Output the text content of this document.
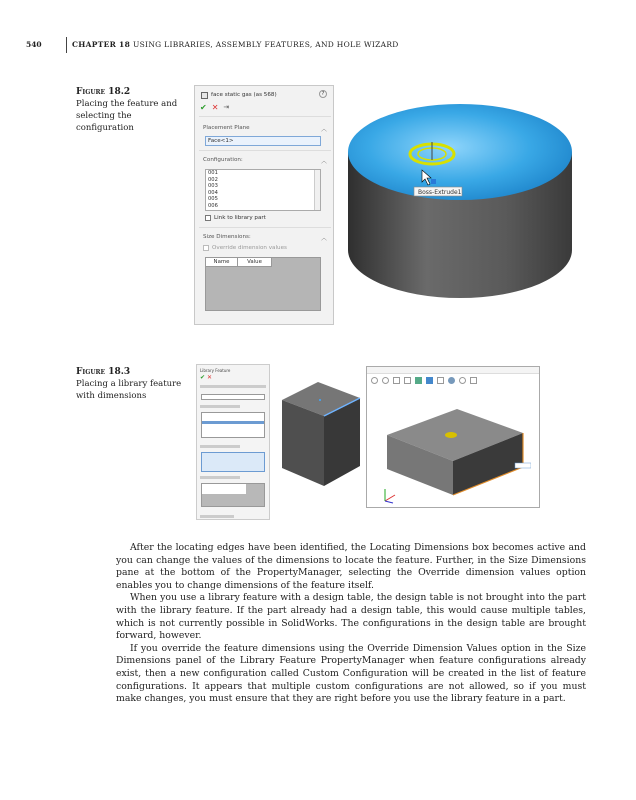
540	CHAPTER 18 USING LIBRARIES, ASSEMBLY FEATURES, AND HOLE WIZARD
Figure 18.2
Placing the feature and selecting the configuration
face static gas (as 568)	?
✔ ✕ ⇥
Placement Plane	︿
Face<1>
Configuration:	︿
001
002
003
004
005
006
Link to library part
Size Dimensions:	︿
Override dimension values
Name	Value
Boss-Extrude1
Figure 18.3
Placing a library feature with dimensions
Library Feature
✔ ✕

After the locating edges have been identified, the Locating Dimensions box becomes active and you can change the values of the dimensions to locate the feature. Further, in the Size Dimensions pane at the bottom of the PropertyManager, selecting the Override dimension values option enables you to change dimensions of the feature itself.

When you use a library feature with a design table, the design table is not brought into the part with the library feature. If the part already had a design table, this would cause multiple tables, which is not currently possible in SolidWorks. The configurations in the design table are brought forward, however.

If you override the feature dimensions using the Override Dimension Values option in the Size Dimensions panel of the Library Feature PropertyManager when feature configurations already exist, then a new configuration called Custom Configuration will be created in the list of feature configurations. It appears that multiple custom configurations are not allowed, so if you must make changes, you must ensure that they are right before you use the library feature in a part.
